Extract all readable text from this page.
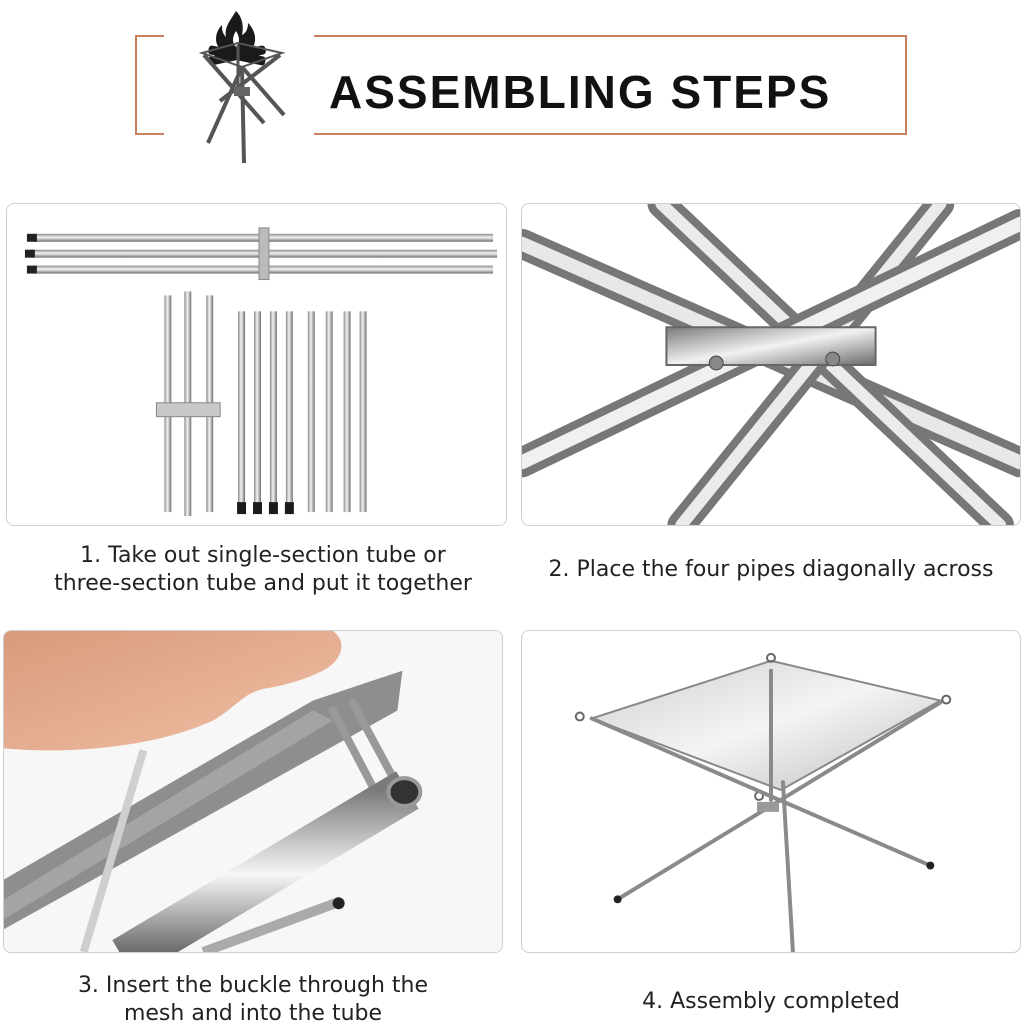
ASSEMBLING STEPS
1. Take out single-section tube or
three-section tube and put it together
2. Place the four pipes diagonally across
3. Insert the buckle through the
mesh and into the tube	4. Assembly completed
